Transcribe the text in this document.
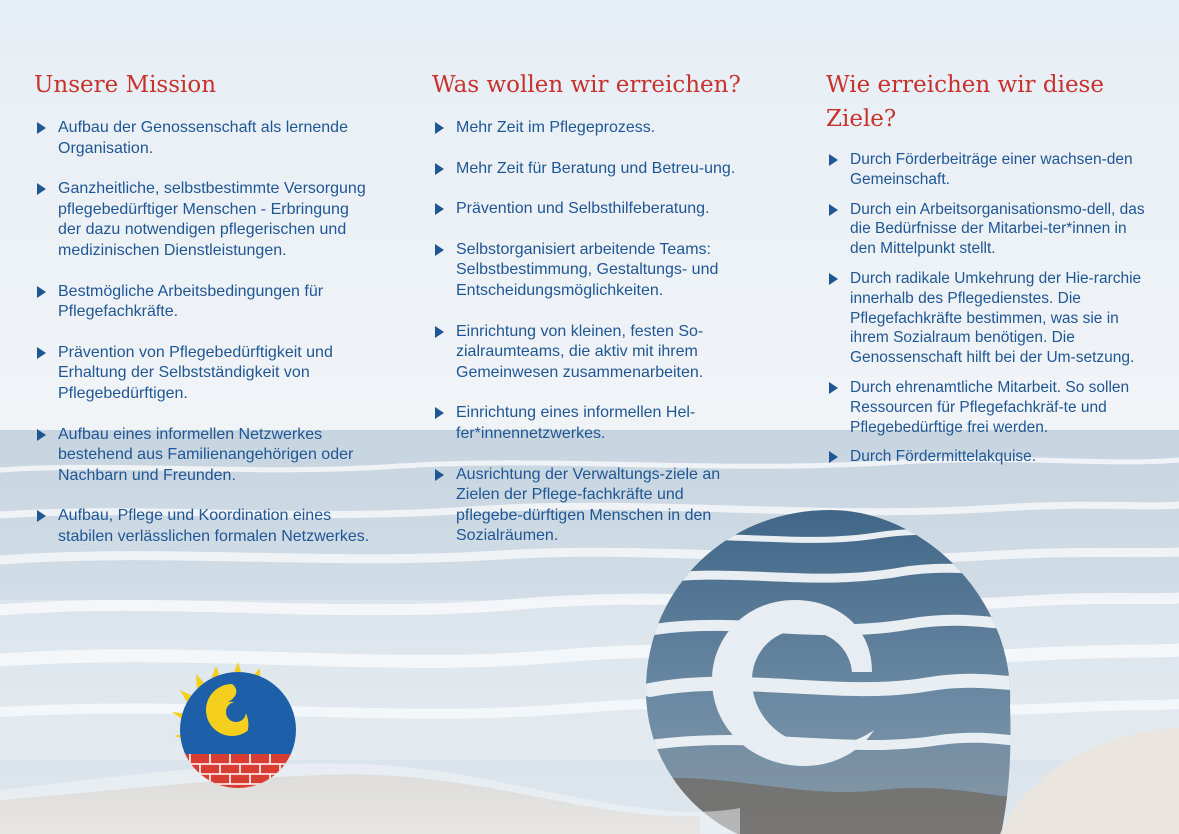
Unsere Mission
Aufbau der Genossenschaft als lernende Organisation.
Ganzheitliche, selbstbestimmte Versorgung pflegebedürftiger Menschen - Erbringung der dazu notwendigen pflegerischen und medizinischen Dienstleistungen.
Bestmögliche Arbeitsbedingungen für Pflegefachkräfte.
Prävention von Pflegebedürftigkeit und Erhaltung der Selbstständigkeit von Pflegebedürftigen.
Aufbau eines informellen Netzwerkes bestehend aus Familienangehörigen oder Nachbarn und Freunden.
Aufbau, Pflege und Koordination eines stabilen verlässlichen formalen Netzwerkes.
Was wollen wir erreichen?
Mehr Zeit im Pflegeprozess.
Mehr Zeit für Beratung und Betreu-ung.
Prävention und Selbsthilfeberatung.
Selbstorganisiert arbeitende Teams: Selbstbestimmung, Gestaltungs- und Entscheidungsmöglichkeiten.
Einrichtung von kleinen, festen So-zialraumteams, die aktiv mit ihrem Gemeinwesen zusammenarbeiten.
Einrichtung eines informellen Hel-fer*innennetzwerkes.
Ausrichtung der Verwaltungs-ziele an Zielen der Pflege-fachkräfte und pflegebe-dürftigen Menschen in den Sozialräumen.
Wie erreichen wir diese Ziele?
Durch Förderbeiträge einer wachsen-den Gemeinschaft.
Durch ein Arbeitsorganisationsmo-dell, das die Bedürfnisse der Mitarbei-ter*innen in den Mittelpunkt stellt.
Durch radikale Umkehrung der Hie-rarchie innerhalb des Pflegedienstes. Die Pflegefachkräfte bestimmen, was sie in ihrem Sozialraum benötigen. Die Genossenschaft hilft bei der Um-setzung.
Durch ehrenamtliche Mitarbeit. So sollen Ressourcen für Pflegefachkräf-te und Pflegebedürftige frei werden.
Durch Fördermittelakquise.
